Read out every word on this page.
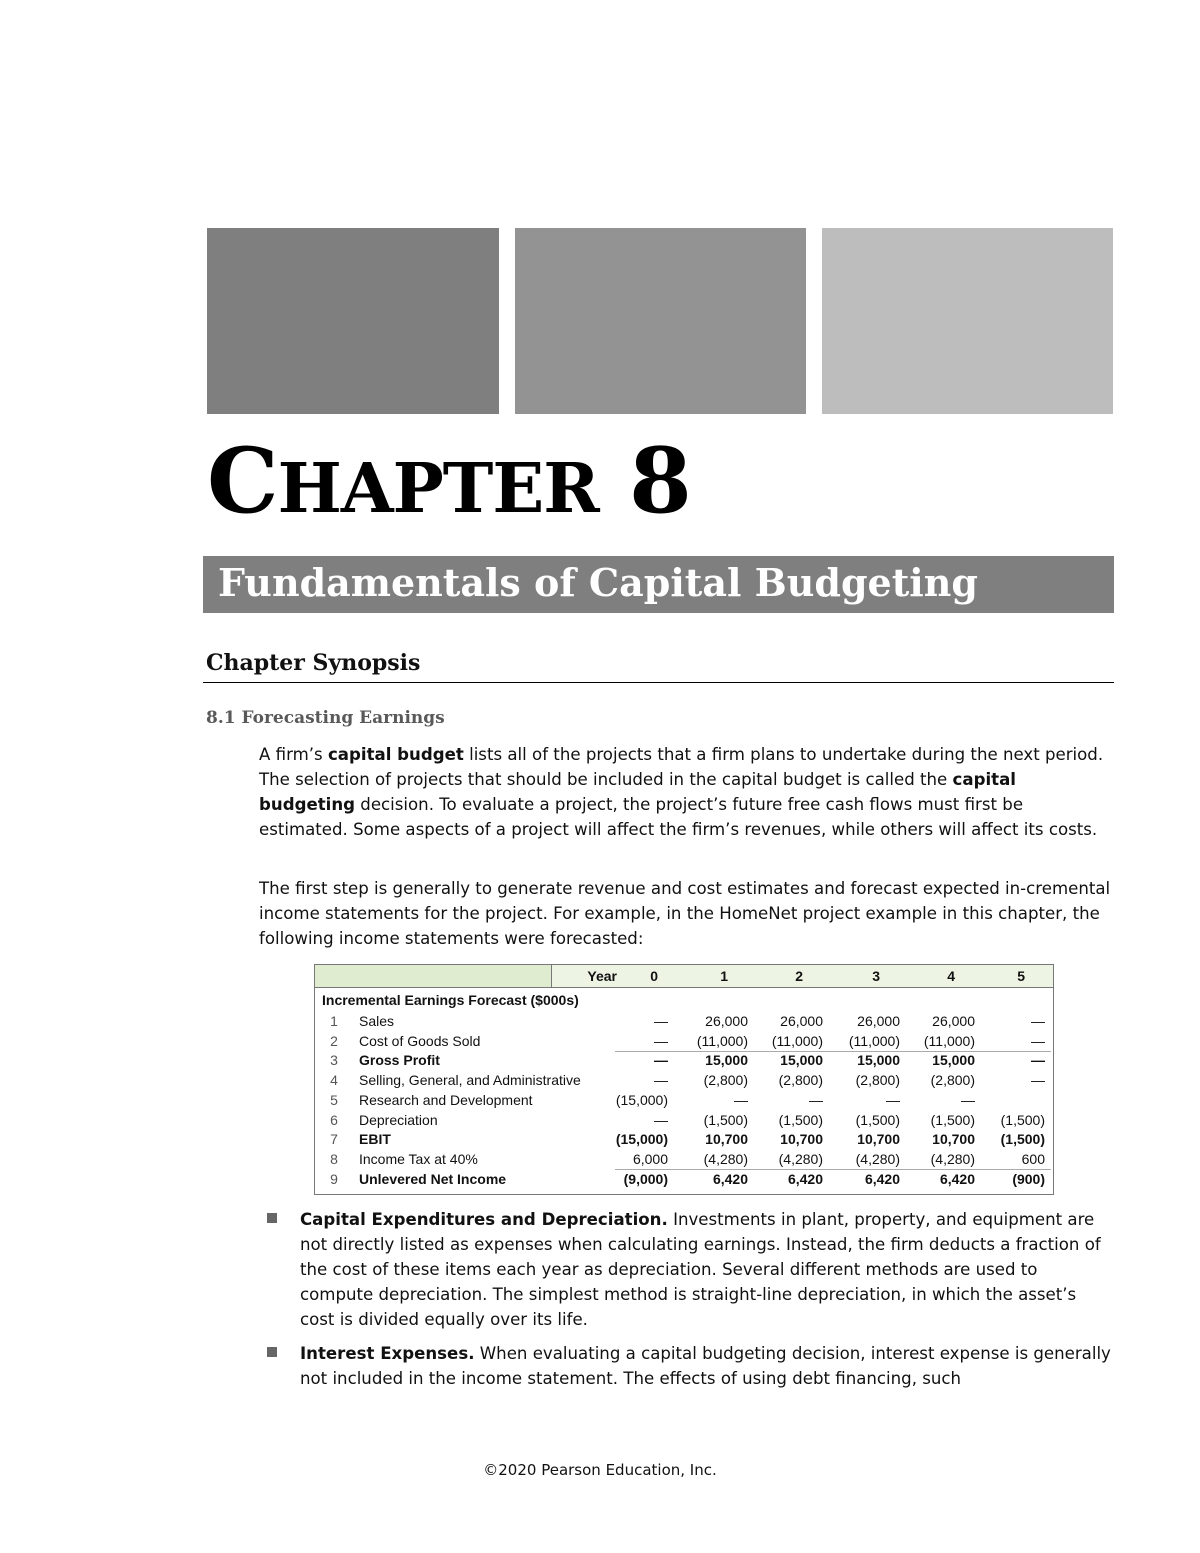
CHAPTER 8
Fundamentals of Capital Budgeting
Chapter Synopsis
8.1 Forecasting Earnings
A firm’s capital budget lists all of the projects that a firm plans to undertake during the next period. The selection of projects that should be included in the capital budget is called the capital budgeting decision. To evaluate a project, the project’s future free cash flows must first be estimated. Some aspects of a project will affect the firm’s revenues, while others will affect its costs.
The first step is generally to generate revenue and cost estimates and forecast expected in-cremental income statements for the project. For example, in the HomeNet project example in this chapter, the following income statements were forecasted:
Year	0	1	2	3	4	5
Incremental Earnings Forecast ($000s)
1	Sales	—	26,000	26,000	26,000	26,000	—
2	Cost of Goods Sold	—	(11,000)	(11,000)	(11,000)	(11,000)	—
3	Gross Profit	—	15,000	15,000	15,000	15,000	—
4	Selling, General, and Administrative	—	(2,800)	(2,800)	(2,800)	(2,800)	—
5	Research and Development	(15,000)	—	—	—	—
6	Depreciation	—	(1,500)	(1,500)	(1,500)	(1,500)	(1,500)
7	EBIT	(15,000)	10,700	10,700	10,700	10,700	(1,500)
8	Income Tax at 40%	6,000	(4,280)	(4,280)	(4,280)	(4,280)	600
9	Unlevered Net Income	(9,000)	6,420	6,420	6,420	6,420	(900)
Capital Expenditures and Depreciation. Investments in plant, property, and equipment are not directly listed as expenses when calculating earnings. Instead, the firm deducts a fraction of the cost of these items each year as depreciation. Several different methods are used to compute depreciation. The simplest method is straight-line depreciation, in which the asset’s cost is divided equally over its life.
Interest Expenses. When evaluating a capital budgeting decision, interest expense is generally not included in the income statement. The effects of using debt financing, such
©2020 Pearson Education, Inc.
